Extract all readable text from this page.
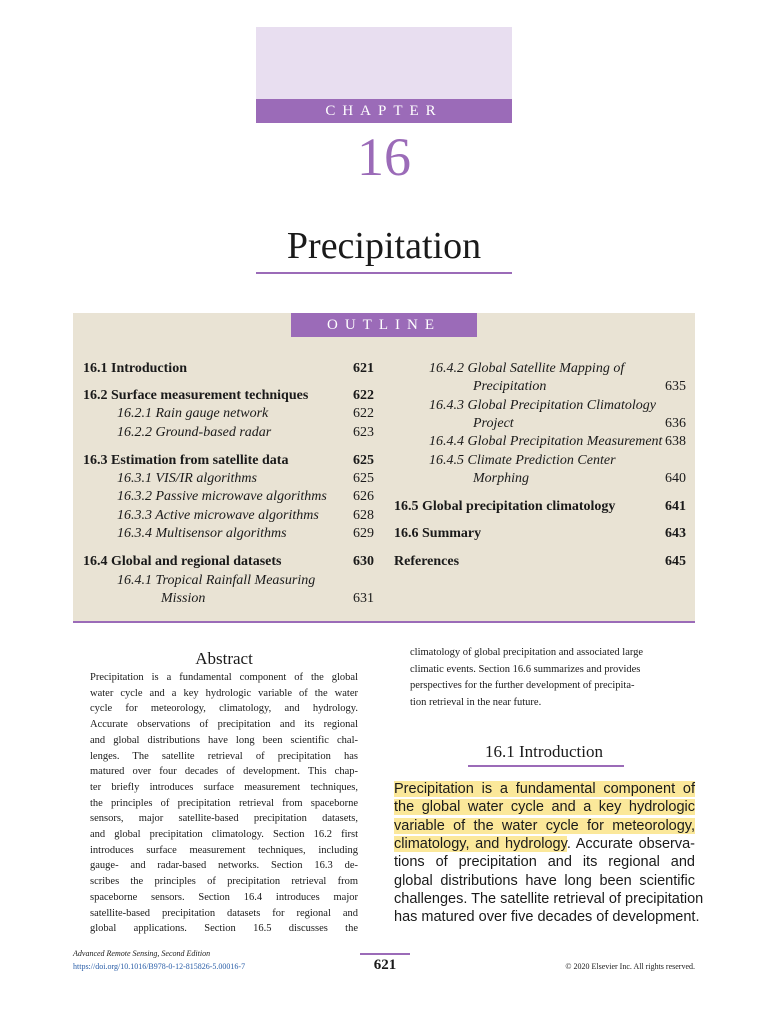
CHAPTER
16
Precipitation
OUTLINE
16.1 Introduction	621
16.2 Surface measurement techniques	622
16.2.1 Rain gauge network	622
16.2.2 Ground-based radar	623
16.3 Estimation from satellite data	625
16.3.1 VIS/IR algorithms	625
16.3.2 Passive microwave algorithms	626
16.3.3 Active microwave algorithms	628
16.3.4 Multisensor algorithms	629
16.4 Global and regional datasets	630
16.4.1 Tropical Rainfall Measuring
Mission	631
16.4.2 Global Satellite Mapping of
Precipitation	635
16.4.3 Global Precipitation Climatology
Project	636
16.4.4 Global Precipitation Measurement 638
16.4.5 Climate Prediction Center
Morphing	640
16.5 Global precipitation climatology	641
16.6 Summary	643
References	645
Abstract
Precipitation is a fundamental component of the global
water cycle and a key hydrologic variable of the water
cycle for meteorology, climatology, and hydrology.
Accurate observations of precipitation and its regional
and global distributions have long been scientific chal-
lenges. The satellite retrieval of precipitation has
matured over four decades of development. This chap-
ter briefly introduces surface measurement techniques,
the principles of precipitation retrieval from spaceborne
sensors, major satellite-based precipitation datasets,
and global precipitation climatology. Section 16.2 first
introduces surface measurement techniques, including
gauge- and radar-based networks. Section 16.3 de-
scribes the principles of precipitation retrieval from
spaceborne sensors. Section 16.4 introduces major
satellite-based precipitation datasets for regional and
global applications. Section 16.5 discusses the
climatology of global precipitation and associated large
climatic events. Section 16.6 summarizes and provides
perspectives for the further development of precipita-
tion retrieval in the near future.
16.1 Introduction
Precipitation is a fundamental component of
the global water cycle and a key hydrologic
variable of the water cycle for meteorology,
climatology, and hydrology. Accurate observa-
tions of precipitation and its regional and
global distributions have long been scientific
challenges. The satellite retrieval of precipitation
has matured over five decades of development.
Advanced Remote Sensing, Second Edition
https://doi.org/10.1016/B978-0-12-815826-5.00016-7	621	© 2020 Elsevier Inc. All rights reserved.
